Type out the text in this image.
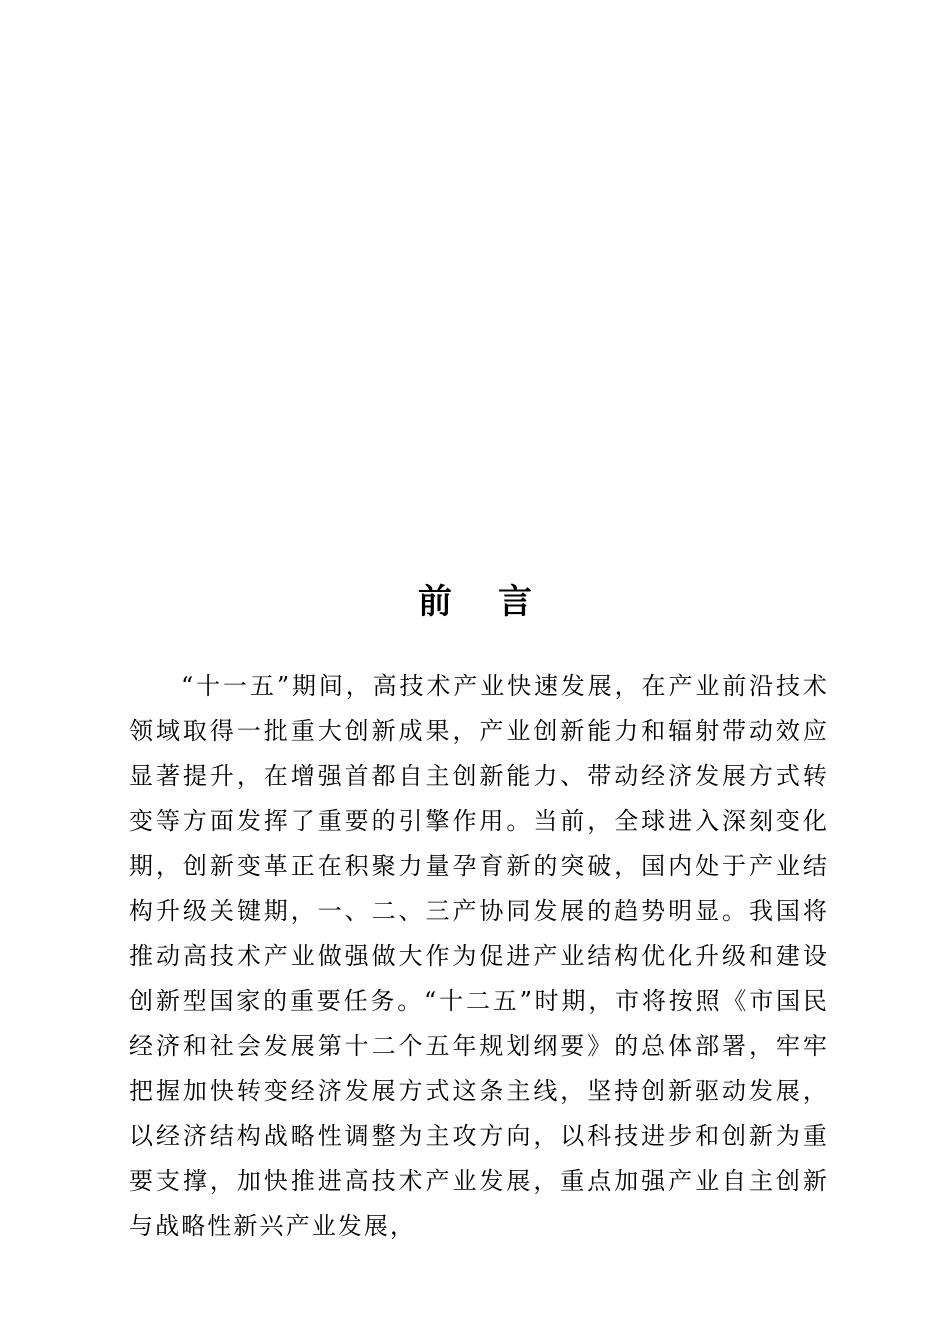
前言

“十一五”期间，高技术产业快速发展，在产业前沿技术领域取得一批重大创新成果，产业创新能力和辐射带动效应显著提升，在增强首都自主创新能力、带动经济发展方式转变等方面发挥了重要的引擎作用。当前，全球进入深刻变化期，创新变革正在积聚力量孕育新的突破，国内处于产业结构升级关键期，一、二、三产协同发展的趋势明显。我国将推动高技术产业做强做大作为促进产业结构优化升级和建设创新型国家的重要任务。“十二五”时期，市将按照《市国民经济和社会发展第十二个五年规划纲要》的总体部署，牢牢把握加快转变经济发展方式这条主线，坚持创新驱动发展，以经济结构战略性调整为主攻方向，以科技进步和创新为重要支撑，加快推进高技术产业发展，重点加强产业自主创新与战略性新兴产业发展，
